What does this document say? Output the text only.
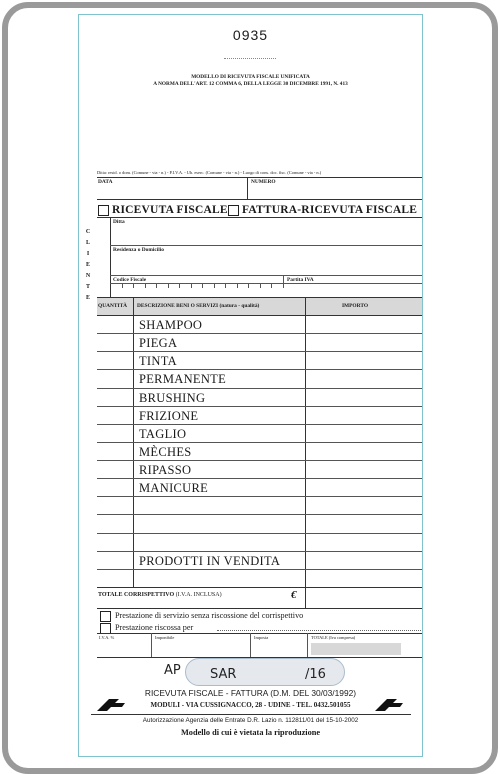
0935
MODELLO DI RICEVUTA FISCALE UNIFICATA
A NORMA DELL'ART. 12 COMMA 6, DELLA LEGGE 30 DICEMBRE 1991, N. 413
Ditta: resid. o dom. (Comune - via - n.) - P.I.V.A. - Ub. eserc. (Comune - via - n.) - Luogo di cons. doc. fisc. (Comune - via - n.)
DATA	NUMERO
RICEVUTA FISCALE FATTURA-RICEVUTA FISCALE
C
L
I
E
N
T
E
Ditta
Residenza o Domicilio
Codice Fiscale	Partita IVA
QUANTITÀ DESCRIZIONE BENI O SERVIZI (natura - qualità)	IMPORTO
SHAMPOO
PIEGA
TINTA
PERMANENTE
BRUSHING
FRIZIONE
TAGLIO
MÈCHES
RIPASSO
MANICURE
PRODOTTI IN VENDITA
TOTALE CORRISPETTIVO (I.V.A. INCLUSA)	€
Prestazione di servizio senza riscossione del corrispettivo
Prestazione riscossa per
I.V.A. %	Imponibile	Imposta	TOTALE (Iva compresa)
AP SAR	/16
RICEVUTA FISCALE - FATTURA (D.M. DEL 30/03/1992)
MODULI - VIA CUSSIGNACCO, 28 - UDINE - TEL. 0432.501055
Autorizzazione Agenzia delle Entrate D.R. Lazio n. 112811/01 del 15-10-2002
Modello di cui è vietata la riproduzione
